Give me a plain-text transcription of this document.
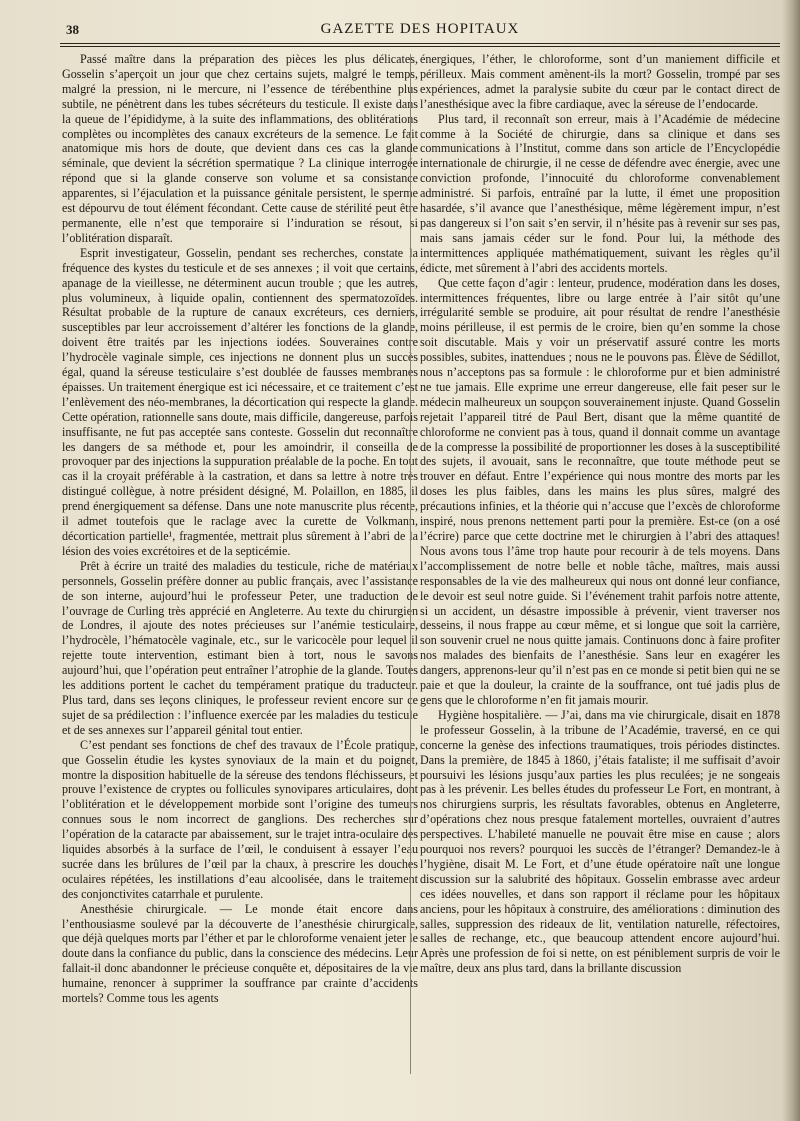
38	GAZETTE DES HOPITAUX

Passé maître dans la préparation des pièces les plus délicates, Gosselin s’aperçoit un jour que chez certains sujets, malgré le temps, malgré la pression, ni le mercure, ni l’essence de térébenthine plus subtile, ne pénètrent dans les tubes sécréteurs du testicule. Il existe dans la queue de l’épididyme, à la suite des inflammations, des oblitérations complètes ou incomplètes des canaux excréteurs de la semence. Le fait anatomique mis hors de doute, que devient dans ces cas la glande séminale, que devient la sécrétion spermatique ? La clinique interrogée répond que si la glande conserve son volume et sa consistance apparentes, si l’éjaculation et la puissance génitale persistent, le sperme est dépourvu de tout élément fécondant. Cette cause de stérilité peut être permanente, elle n’est que temporaire si l’induration se résout, si l’oblitération disparaît.

Esprit investigateur, Gosselin, pendant ses recherches, constate la fréquence des kystes du testicule et de ses annexes ; il voit que certains, apanage de la vieillesse, ne déterminent aucun trouble ; que les autres, plus volumineux, à liquide opalin, contiennent des spermatozoïdes. Résultat probable de la rupture de canaux excréteurs, ces derniers, susceptibles par leur accroissement d’altérer les fonctions de la glande, doivent être traités par les injections iodées. Souveraines contre l’hydrocèle vaginale simple, ces injections ne donnent plus un succès égal, quand la séreuse testiculaire s’est doublée de fausses membranes épaisses. Un traitement énergique est ici nécessaire, et ce traitement c’est l’enlèvement des néo-membranes, la décortication qui respecte la glande. Cette opération, rationnelle sans doute, mais difficile, dangereuse, parfois insuffisante, ne fut pas acceptée sans conteste. Gosselin dut reconnaître les dangers de sa méthode et, pour les amoindrir, il conseilla de provoquer par des injections la suppuration préalable de la poche. En tout cas il la croyait préférable à la castration, et dans sa lettre à notre très distingué collègue, à notre président désigné, M. Polaillon, en 1885, il prend énergiquement sa défense. Dans une note manuscrite plus récente, il admet toutefois que le raclage avec la curette de Volkmann, décortication partielle¹, fragmentée, mettrait plus sûrement à l’abri de la lésion des voies excrétoires et de la septicémie.

Prêt à écrire un traité des maladies du testicule, riche de matériaux personnels, Gosselin préfère donner au public français, avec l’assistance de son interne, aujourd’hui le professeur Peter, une traduction de l’ouvrage de Curling très apprécié en Angleterre. Au texte du chirurgien de Londres, il ajoute des notes précieuses sur l’anémie testiculaire, l’hydrocèle, l’hématocèle vaginale, etc., sur le varicocèle pour lequel il rejette toute intervention, estimant bien à tort, nous le savons aujourd’hui, que l’opération peut entraîner l’atrophie de la glande. Toutes les additions portent le cachet du tempérament pratique du traducteur. Plus tard, dans ses leçons cliniques, le professeur revient encore sur ce sujet de sa prédilection : l’influence exercée par les maladies du testicule et de ses annexes sur l’appareil génital tout entier.

C’est pendant ses fonctions de chef des travaux de l’École pratique, que Gosselin étudie les kystes synoviaux de la main et du poignet, montre la disposition habituelle de la séreuse des tendons fléchisseurs, et prouve l’existence de cryptes ou follicules synovipares articulaires, dont l’oblitération et le développement morbide sont l’origine des tumeurs connues sous le nom incorrect de ganglions. Des recherches sur l’opération de la cataracte par abaissement, sur le trajet intra-oculaire des liquides absorbés à la surface de l’œil, le conduisent à essayer l’eau sucrée dans les brûlures de l’œil par la chaux, à prescrire les douches oculaires répétées, les instillations d’eau alcoolisée, dans le traitement des conjonctivites catarrhale et purulente.

Anesthésie chirurgicale. — Le monde était encore dans l’enthousiasme soulevé par la découverte de l’anesthésie chirurgicale, que déjà quelques morts par l’éther et par le chloroforme venaient jeter le doute dans la confiance du public, dans la conscience des médecins. Leur fallait-il donc abandonner le précieuse conquête et, dépositaires de la vie humaine, renoncer à supprimer la souffrance par crainte d’accidents mortels? Comme tous les agents

énergiques, l’éther, le chloroforme, sont d’un maniement difficile et périlleux. Mais comment amènent-ils la mort? Gosselin, trompé par ses expériences, admet la paralysie subite du cœur par le contact direct de l’anesthésique avec la fibre cardiaque, avec la séreuse de l’endocarde.

Plus tard, il reconnaît son erreur, mais à l’Académie de médecine comme à la Société de chirurgie, dans sa clinique et dans ses communications à l’Institut, comme dans son article de l’Encyclopédie internationale de chirurgie, il ne cesse de défendre avec énergie, avec une conviction profonde, l’innocuité du chloroforme convenablement administré. Si parfois, entraîné par la lutte, il émet une proposition hasardée, s’il avance que l’anesthésique, même légèrement impur, n’est pas dangereux si l’on sait s’en servir, il n’hésite pas à revenir sur ses pas, mais sans jamais céder sur le fond. Pour lui, la méthode des intermittences appliquée mathématiquement, suivant les règles qu’il édicte, met sûrement à l’abri des accidents mortels.

Que cette façon d’agir : lenteur, prudence, modération dans les doses, intermittences fréquentes, libre ou large entrée à l’air sitôt qu’une irrégularité semble se produire, ait pour résultat de rendre l’anesthésie moins périlleuse, il est permis de le croire, bien qu’en somme la chose soit discutable. Mais y voir un préservatif assuré contre les morts possibles, subites, inattendues ; nous ne le pouvons pas. Élève de Sédillot, nous n’acceptons pas sa formule : le chloroforme pur et bien administré ne tue jamais. Elle exprime une erreur dangereuse, elle fait peser sur le médecin malheureux un soupçon souverainement injuste. Quand Gosselin rejetait l’appareil titré de Paul Bert, disant que la même quantité de chloroforme ne convient pas à tous, quand il donnait comme un avantage de la compresse la possibilité de proportionner les doses à la susceptibilité des sujets, il avouait, sans le reconnaître, que toute méthode peut se trouver en défaut. Entre l’expérience qui nous montre des morts par les doses les plus faibles, dans les mains les plus sûres, malgré des précautions infinies, et la théorie qui n’accuse que l’excès de chloroforme inspiré, nous prenons nettement parti pour la première. Est-ce (on a osé l’écrire) parce que cette doctrine met le chirurgien à l’abri des attaques! Nous avons tous l’âme trop haute pour recourir à de tels moyens. Dans l’accomplissement de notre belle et noble tâche, maîtres, mais aussi responsables de la vie des malheureux qui nous ont donné leur confiance, le devoir est seul notre guide. Si l’événement trahit parfois notre attente, si un accident, un désastre impossible à prévenir, vient traverser nos desseins, il nous frappe au cœur même, et si longue que soit la carrière, son souvenir cruel ne nous quitte jamais. Continuons donc à faire profiter nos malades des bienfaits de l’anesthésie. Sans leur en exagérer les dangers, apprenons-leur qu’il n’est pas en ce monde si petit bien qui ne se paie et que la douleur, la crainte de la souffrance, ont tué jadis plus de gens que le chloroforme n’en fit jamais mourir.

Hygiène hospitalière. — J’ai, dans ma vie chirurgicale, disait en 1878 le professeur Gosselin, à la tribune de l’Académie, traversé, en ce qui concerne la genèse des infections traumatiques, trois périodes distinctes. Dans la première, de 1845 à 1860, j’étais fataliste; il me suffisait d’avoir poursuivi les lésions jusqu’aux parties les plus reculées; je ne songeais pas à les prévenir. Les belles études du professeur Le Fort, en montrant, à nos chirurgiens surpris, les résultats favorables, obtenus en Angleterre, d’opérations chez nous presque fatalement mortelles, ouvraient d’autres perspectives. L’habileté manuelle ne pouvait être mise en cause ; alors pourquoi nos revers? pourquoi les succès de l’étranger? Demandez-le à l’hygiène, disait M. Le Fort, et d’une étude opératoire naît une longue discussion sur la salubrité des hôpitaux. Gosselin embrasse avec ardeur ces idées nouvelles, et dans son rapport il réclame pour les hôpitaux anciens, pour les hôpitaux à construire, des améliorations : diminution des salles, suppression des rideaux de lit, ventilation naturelle, réfectoires, salles de rechange, etc., que beaucoup attendent encore aujourd’hui. Après une profession de foi si nette, on est péniblement surpris de voir le maître, deux ans plus tard, dans la brillante discussion
